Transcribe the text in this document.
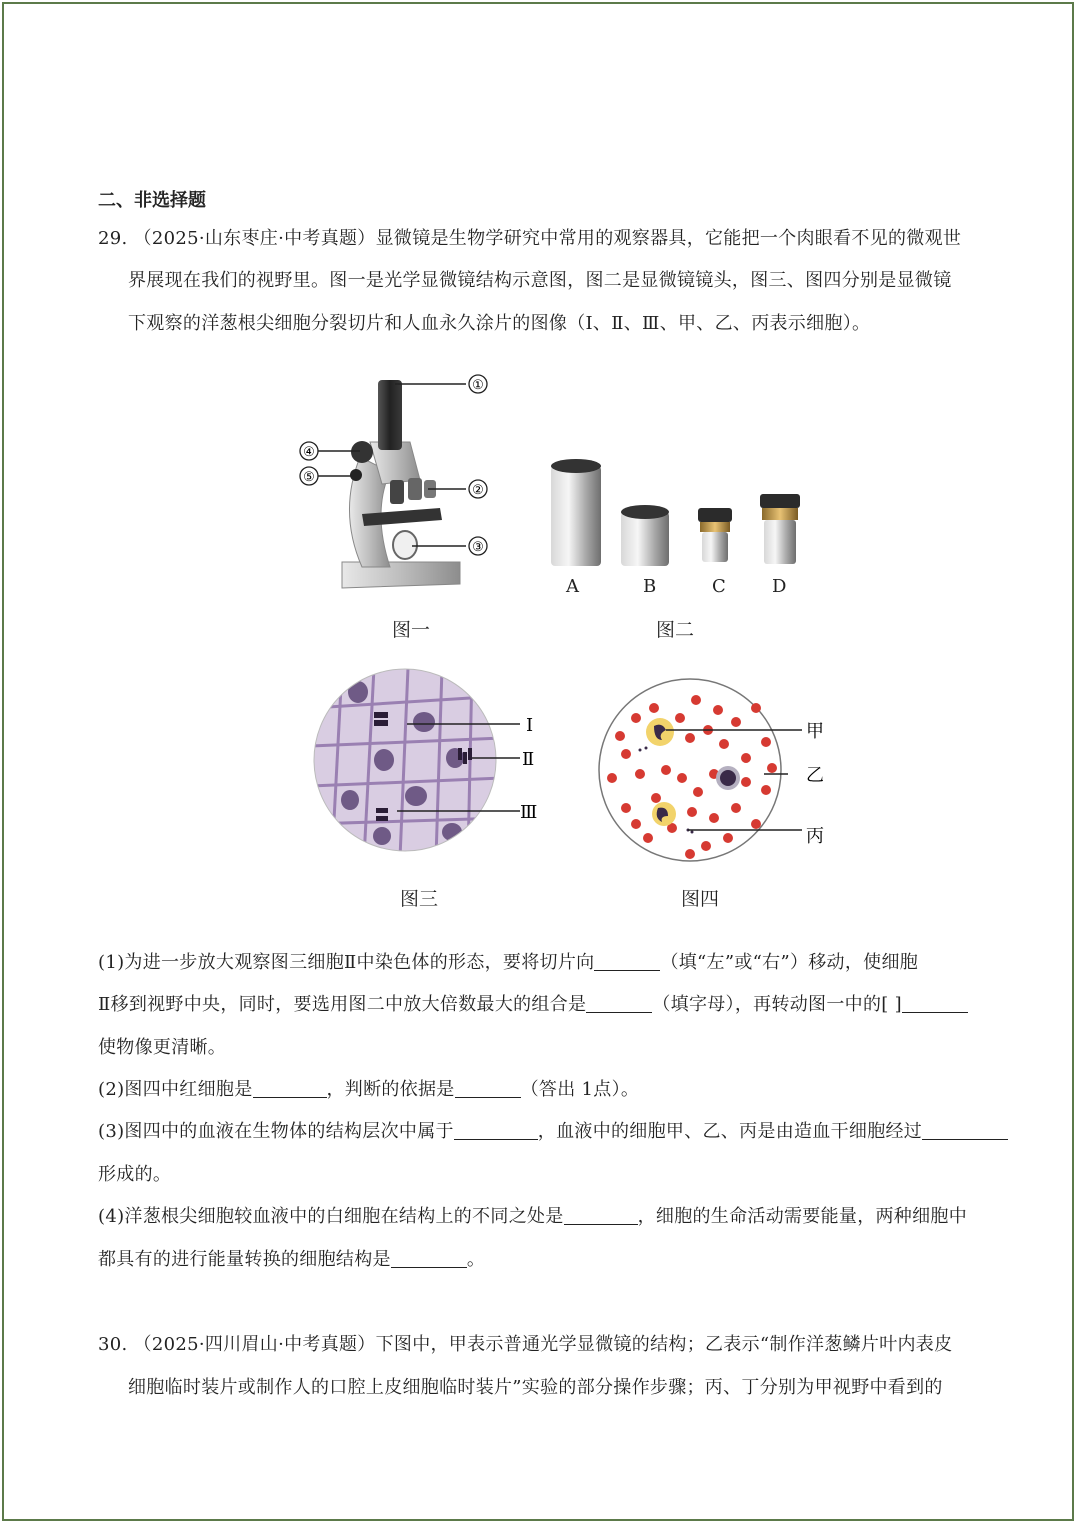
二、非选择题
29. （2025·山东枣庄·中考真题）显微镜是生物学研究中常用的观察器具，它能把一个肉眼看不见的微观世
界展现在我们的视野里。图一是光学显微镜结构示意图，图二是显微镜镜头，图三、图四分别是显微镜
下观察的洋葱根尖细胞分裂切片和人血永久涂片的图像（Ⅰ、Ⅱ、Ⅲ、甲、乙、丙表示细胞）。
①
②
③
④
⑤
图一
A	B	C	D
图二
Ⅰ
Ⅱ
Ⅲ
图三
甲
乙
丙
图四
(1)为进一步放大观察图三细胞Ⅱ中染色体的形态，要将切片向	（填“左”或“右”）移动，使细胞
Ⅱ移到视野中央，同时，要选用图二中放大倍数最大的组合是	（填字母），再转动图一中的[ ]
使物像更清晰。
(2)图四中红细胞是	，判断的依据是	（答出 1点）。
(3)图四中的血液在生物体的结构层次中属于	，血液中的细胞甲、乙、丙是由造血干细胞经过
形成的。
(4)洋葱根尖细胞较血液中的白细胞在结构上的不同之处是	，细胞的生命活动需要能量，两种细胞中
都具有的进行能量转换的细胞结构是	。
30. （2025·四川眉山·中考真题）下图中，甲表示普通光学显微镜的结构；乙表示“制作洋葱鳞片叶内表皮
细胞临时装片或制作人的口腔上皮细胞临时装片”实验的部分操作步骤；丙、丁分别为甲视野中看到的
